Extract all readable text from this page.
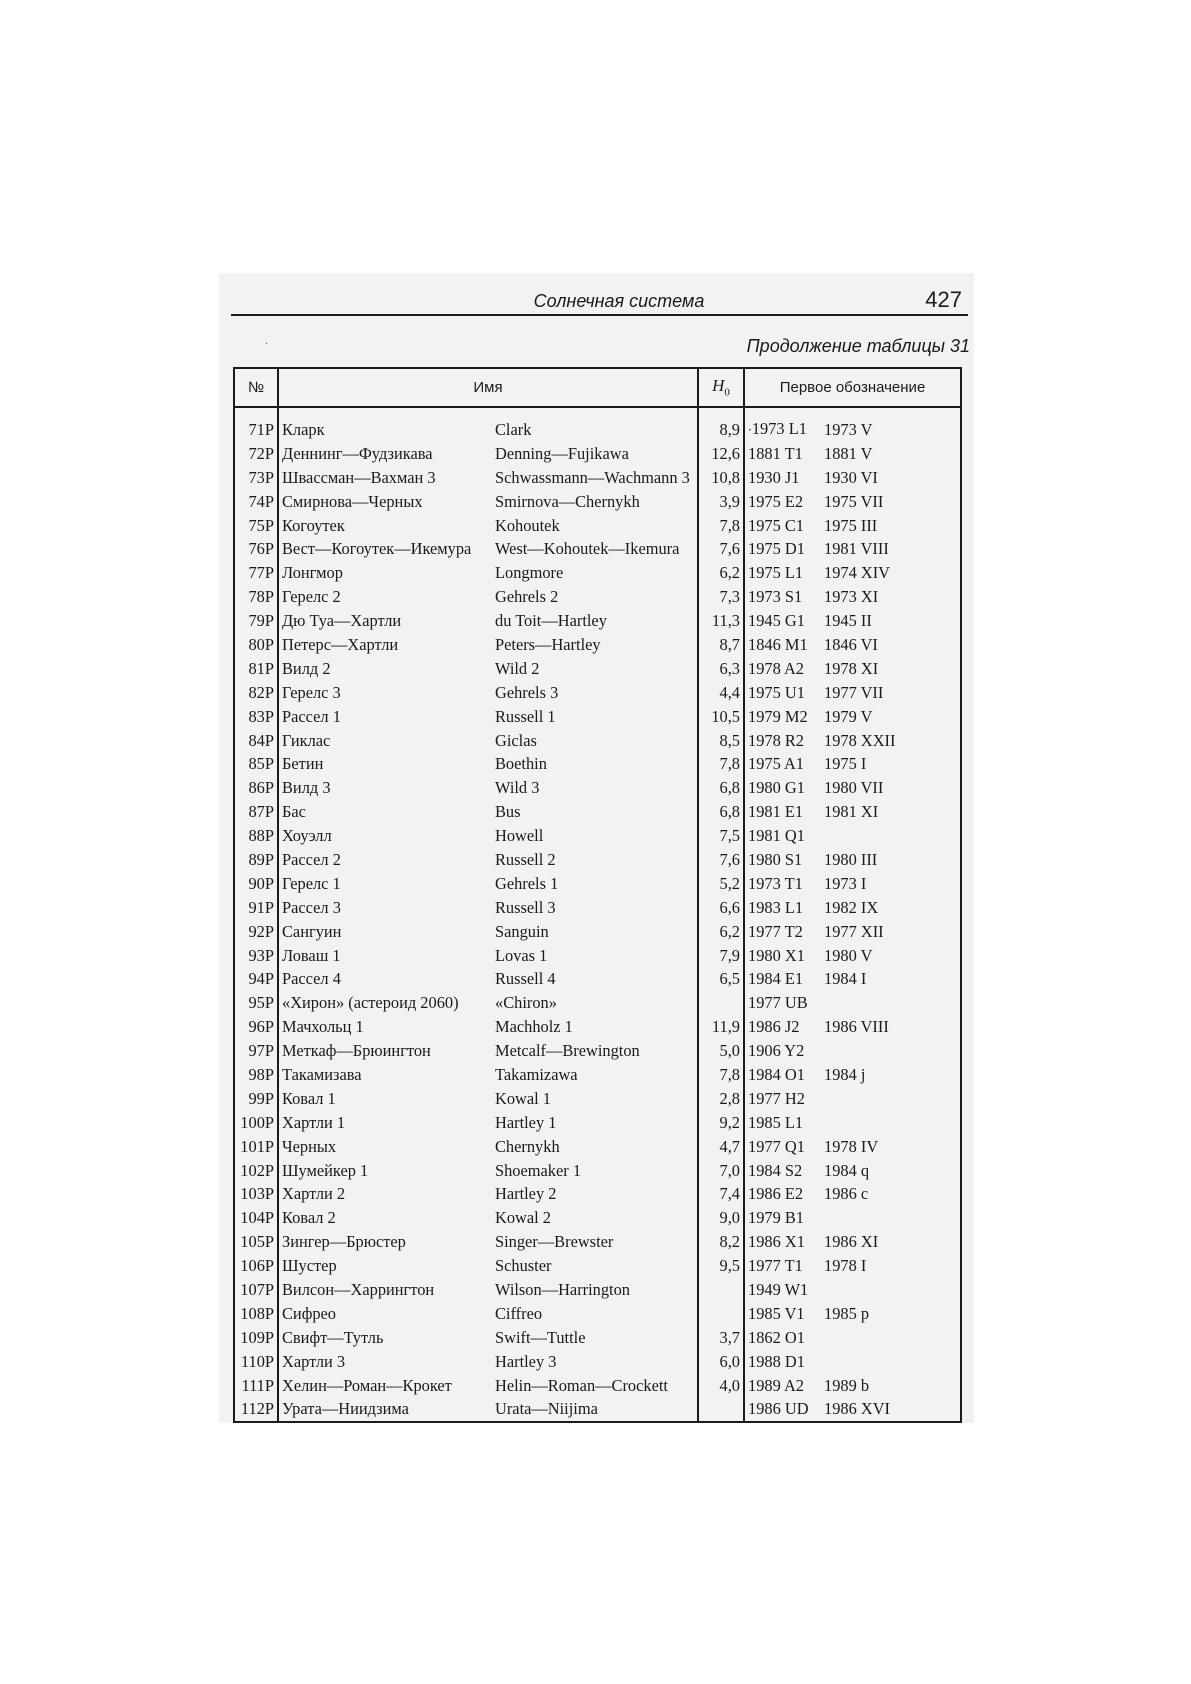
Солнечная система	427
·	Продолжение таблицы 31
№	Имя		$H_0$	Первое обозначение	
71P	Кларк	Clark	8,9	·1973 L1	1973 V
72P	Деннинг—Фудзикава	Denning—Fujikawa	12,6	1881 T1	1881 V
73P	Швассман—Вахман 3	Schwassmann—Wachmann 3	10,8	1930 J1	1930 VI
74P	Смирнова—Черных	Smirnova—Chernykh	3,9	1975 E2	1975 VII
75P	Когоутек	Kohoutek	7,8	1975 C1	1975 III
76P	Вест—Когоутек—Икемура	West—Kohoutek—Ikemura	7,6	1975 D1	1981 VIII
77P	Лонгмор	Longmore	6,2	1975 L1	1974 XIV
78P	Герелс 2	Gehrels 2	7,3	1973 S1	1973 XI
79P	Дю Туа—Хартли	du Toit—Hartley	11,3	1945 G1	1945 II
80P	Петерс—Хартли	Peters—Hartley	8,7	1846 M1	1846 VI
81P	Вилд 2	Wild 2	6,3	1978 A2	1978 XI
82P	Герелс 3	Gehrels 3	4,4	1975 U1	1977 VII
83P	Рассел 1	Russell 1	10,5	1979 M2	1979 V
84P	Гиклас	Giclas	8,5	1978 R2	1978 XXII
85P	Бетин	Boethin	7,8	1975 A1	1975 I
86P	Вилд 3	Wild 3	6,8	1980 G1	1980 VII
87P	Бас	Bus	6,8	1981 E1	1981 XI
88P	Хоуэлл	Howell	7,5	1981 Q1	
89P	Рассел 2	Russell 2	7,6	1980 S1	1980 III
90P	Герелс 1	Gehrels 1	5,2	1973 T1	1973 I
91P	Рассел 3	Russell 3	6,6	1983 L1	1982 IX
92P	Сангуин	Sanguin	6,2	1977 T2	1977 XII
93P	Ловаш 1	Lovas 1	7,9	1980 X1	1980 V
94P	Рассел 4	Russell 4	6,5	1984 E1	1984 I
95P	«Хирон» (астероид 2060)	«Chiron»		1977 UB	
96P	Мачхольц 1	Machholz 1	11,9	1986 J2	1986 VIII
97P	Меткаф—Брюингтон	Metcalf—Brewington	5,0	1906 Y2	
98P	Такамизава	Takamizawa	7,8	1984 O1	1984 j
99P	Ковал 1	Kowal 1	2,8	1977 H2	
100P	Хартли 1	Hartley 1	9,2	1985 L1	
101P	Черных	Chernykh	4,7	1977 Q1	1978 IV
102P	Шумейкер 1	Shoemaker 1	7,0	1984 S2	1984 q
103P	Хартли 2	Hartley 2	7,4	1986 E2	1986 c
104P	Ковал 2	Kowal 2	9,0	1979 B1	
105P	Зингер—Брюстер	Singer—Brewster	8,2	1986 X1	1986 XI
106P	Шустер	Schuster	9,5	1977 T1	1978 I
107P	Вилсон—Харрингтон	Wilson—Harrington		1949 W1	
108P	Сифрео	Ciffreo		1985 V1	1985 p
109P	Свифт—Тутль	Swift—Tuttle	3,7	1862 O1	
110P	Хартли 3	Hartley 3	6,0	1988 D1	
111P	Хелин—Роман—Крокет	Helin—Roman—Crockett	4,0	1989 A2	1989 b
112P	Урата—Ниидзима	Urata—Niijima		1986 UD	1986 XVI
